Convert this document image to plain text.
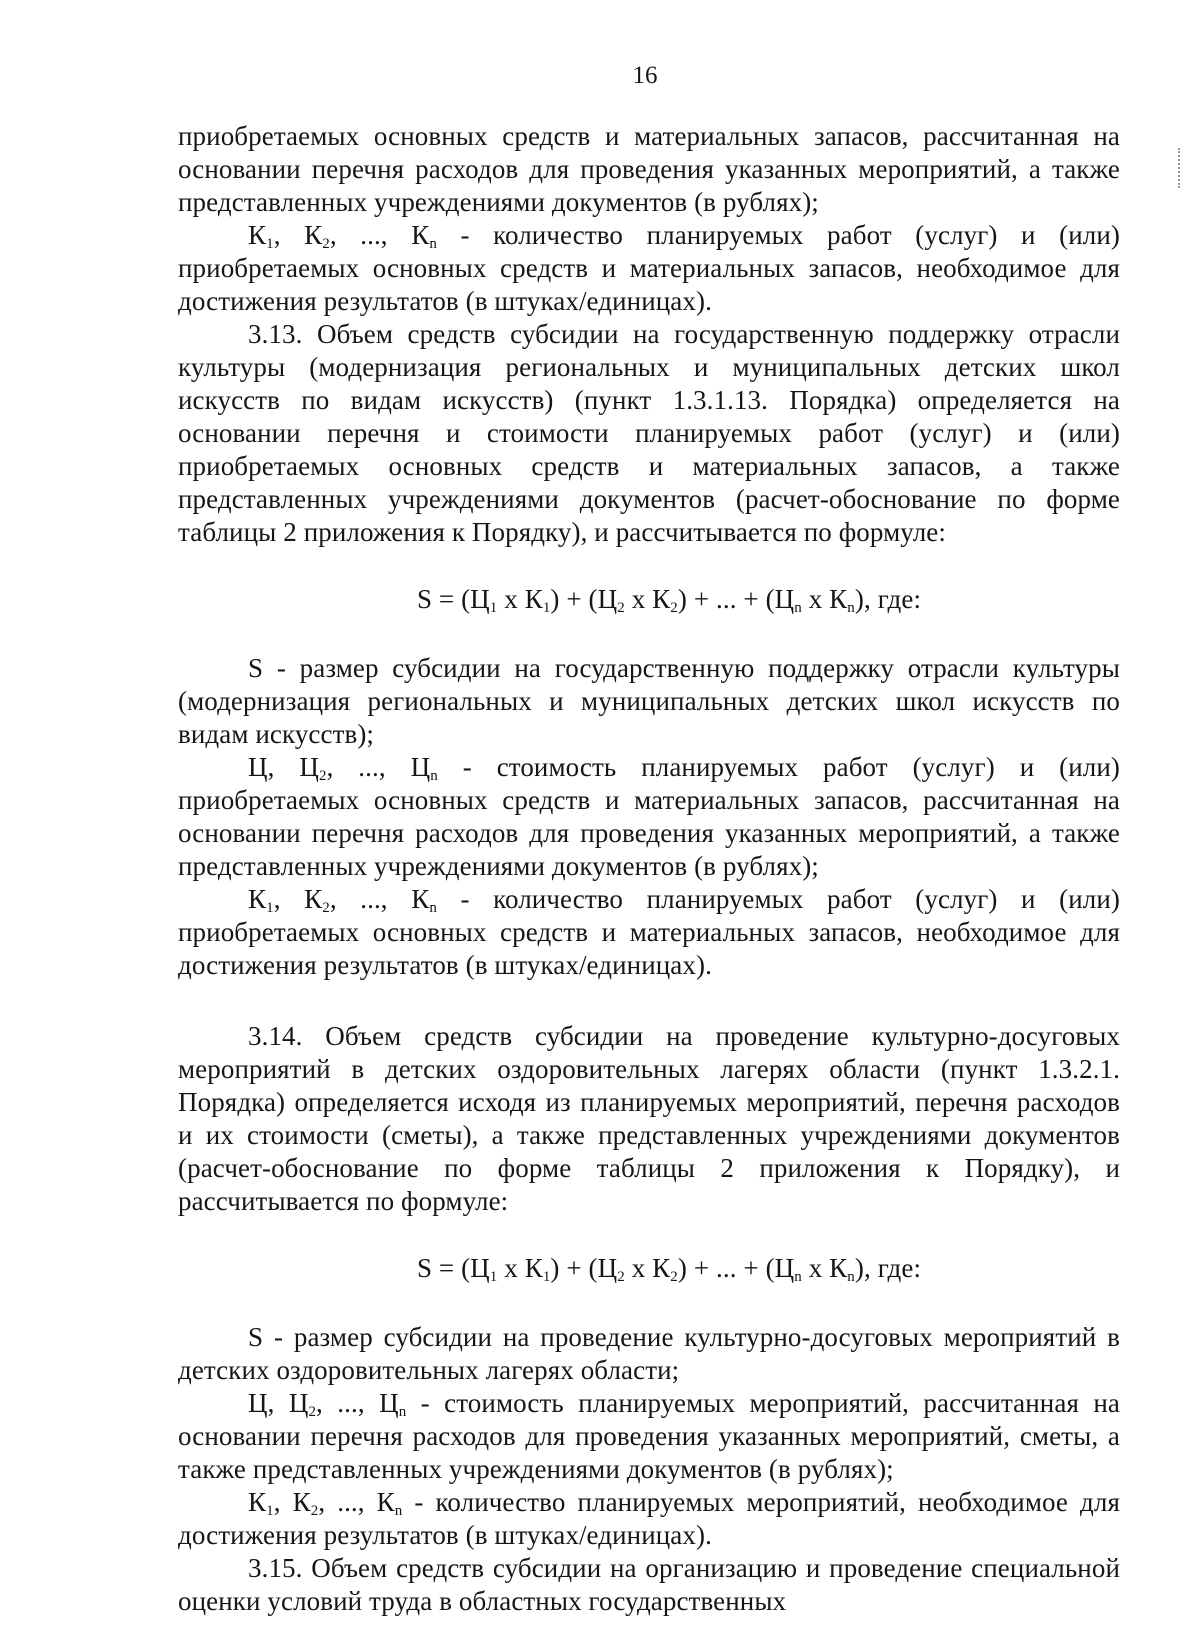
16

приобретаемых основных средств и материальных запасов, рассчитанная на основании перечня расходов для проведения указанных мероприятий, а также представленных учреждениями документов (в рублях);

$К_1$, $К_2$, ..., $К_n$ - количество планируемых работ (услуг) и (или) приобретаемых основных средств и материальных запасов, необходимое для достижения результатов (в штуках/единицах).

3.13. Объем средств субсидии на государственную поддержку отрасли культуры (модернизация региональных и муниципальных детских школ искусств по видам искусств) (пункт 1.3.1.13. Порядка) определяется на основании перечня и стоимости планируемых работ (услуг) и (или) приобретаемых основных средств и материальных запасов, а также представленных учреждениями документов (расчет-обоснование по форме таблицы 2 приложения к Порядку), и рассчитывается по формуле:

$S = (Ц_1$ x $К_1) + (Ц_2$ x $К_2$) + ... + ($Ц_n$ x $К_n$), где:

S - размер субсидии на государственную поддержку отрасли культуры (модернизация региональных и муниципальных детских школ искусств по видам искусств);

Ц, $Ц_2$, ..., $Ц_n$ - стоимость планируемых работ (услуг) и (или) приобретаемых основных средств и материальных запасов, рассчитанная на основании перечня расходов для проведения указанных мероприятий, а также представленных учреждениями документов (в рублях);

$К_1$, $К_2$, ..., $К_n$ - количество планируемых работ (услуг) и (или) приобретаемых основных средств и материальных запасов, необходимое для достижения результатов (в штуках/единицах).

3.14. Объем средств субсидии на проведение культурно-досуговых мероприятий в детских оздоровительных лагерях области (пункт 1.3.2.1. Порядка) определяется исходя из планируемых мероприятий, перечня расходов и их стоимости (сметы), а также представленных учреждениями документов (расчет-обоснование по форме таблицы 2 приложения к Порядку), и рассчитывается по формуле:

$S = (Ц_1$ x $К_1) + (Ц_2$ x $К_2$) + ... + ($Ц_n$ x $К_n$), где:

S - размер субсидии на проведение культурно-досуговых мероприятий в детских оздоровительных лагерях области;

Ц, $Ц_2$, ..., $Ц_n$ - стоимость планируемых мероприятий, рассчитанная на основании перечня расходов для проведения указанных мероприятий, сметы, а также представленных учреждениями документов (в рублях);

$К_1$, $К_2$, ..., $К_n$ - количество планируемых мероприятий, необходимое для достижения результатов (в штуках/единицах).

3.15. Объем средств субсидии на организацию и проведение специальной оценки условий труда в областных государственных
